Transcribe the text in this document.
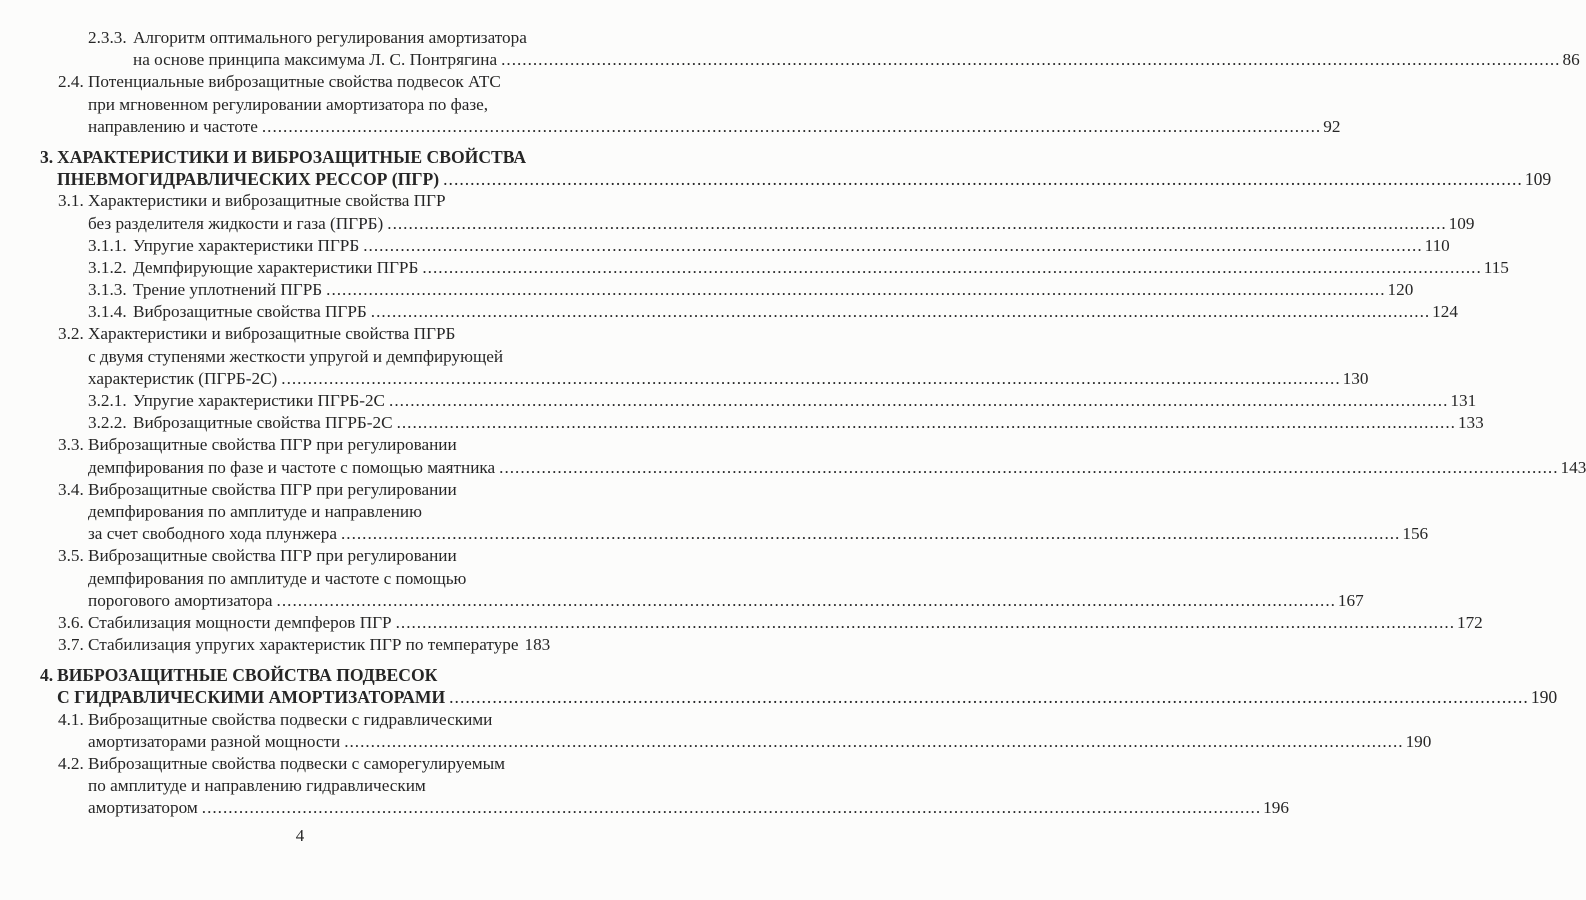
2.3.3. Алгоритм оптимального регулирования амортизатора
на основе принципа максимума Л. С. Понтрягина ........................................................................................................................................................................................................ 86
2.4. Потенциальные виброзащитные свойства подвесок АТС
при мгновенном регулировании амортизатора по фазе,
направлению и частоте ........................................................................................................................................................................................................ 92
3. ХАРАКТЕРИСТИКИ И ВИБРОЗАЩИТНЫЕ СВОЙСТВА
ПНЕВМОГИДРАВЛИЧЕСКИХ РЕССОР (ПГР) ........................................................................................................................................................................................................ 109
3.1. Характеристики и виброзащитные свойства ПГР
без разделителя жидкости и газа (ПГРБ) ........................................................................................................................................................................................................ 109
3.1.1. Упругие характеристики ПГРБ ........................................................................................................................................................................................................ 110
3.1.2. Демпфирующие характеристики ПГРБ ........................................................................................................................................................................................................ 115
3.1.3. Трение уплотнений ПГРБ ........................................................................................................................................................................................................ 120
3.1.4. Виброзащитные свойства ПГРБ ........................................................................................................................................................................................................ 124
3.2. Характеристики и виброзащитные свойства ПГРБ
с двумя ступенями жесткости упругой и демпфирующей
характеристик (ПГРБ-2С) ........................................................................................................................................................................................................ 130
3.2.1. Упругие характеристики ПГРБ-2С ........................................................................................................................................................................................................ 131
3.2.2. Виброзащитные свойства ПГРБ-2С ........................................................................................................................................................................................................ 133
3.3. Виброзащитные свойства ПГР при регулировании
демпфирования по фазе и частоте с помощью маятника ........................................................................................................................................................................................................ 143
3.4. Виброзащитные свойства ПГР при регулировании
демпфирования по амплитуде и направлению
за счет свободного хода плунжера ........................................................................................................................................................................................................ 156
3.5. Виброзащитные свойства ПГР при регулировании
демпфирования по амплитуде и частоте с помощью
порогового амортизатора ........................................................................................................................................................................................................ 167
3.6. Стабилизация мощности демпферов ПГР ........................................................................................................................................................................................................ 172
3.7. Стабилизация упругих характеристик ПГР по температуре 183
4. ВИБРОЗАЩИТНЫЕ СВОЙСТВА ПОДВЕСОК
С ГИДРАВЛИЧЕСКИМИ АМОРТИЗАТОРАМИ ........................................................................................................................................................................................................ 190
4.1. Виброзащитные свойства подвески с гидравлическими
амортизаторами разной мощности ........................................................................................................................................................................................................ 190
4.2. Виброзащитные свойства подвески с саморегулируемым
по амплитуде и направлению гидравлическим
амортизатором ........................................................................................................................................................................................................ 196
4
